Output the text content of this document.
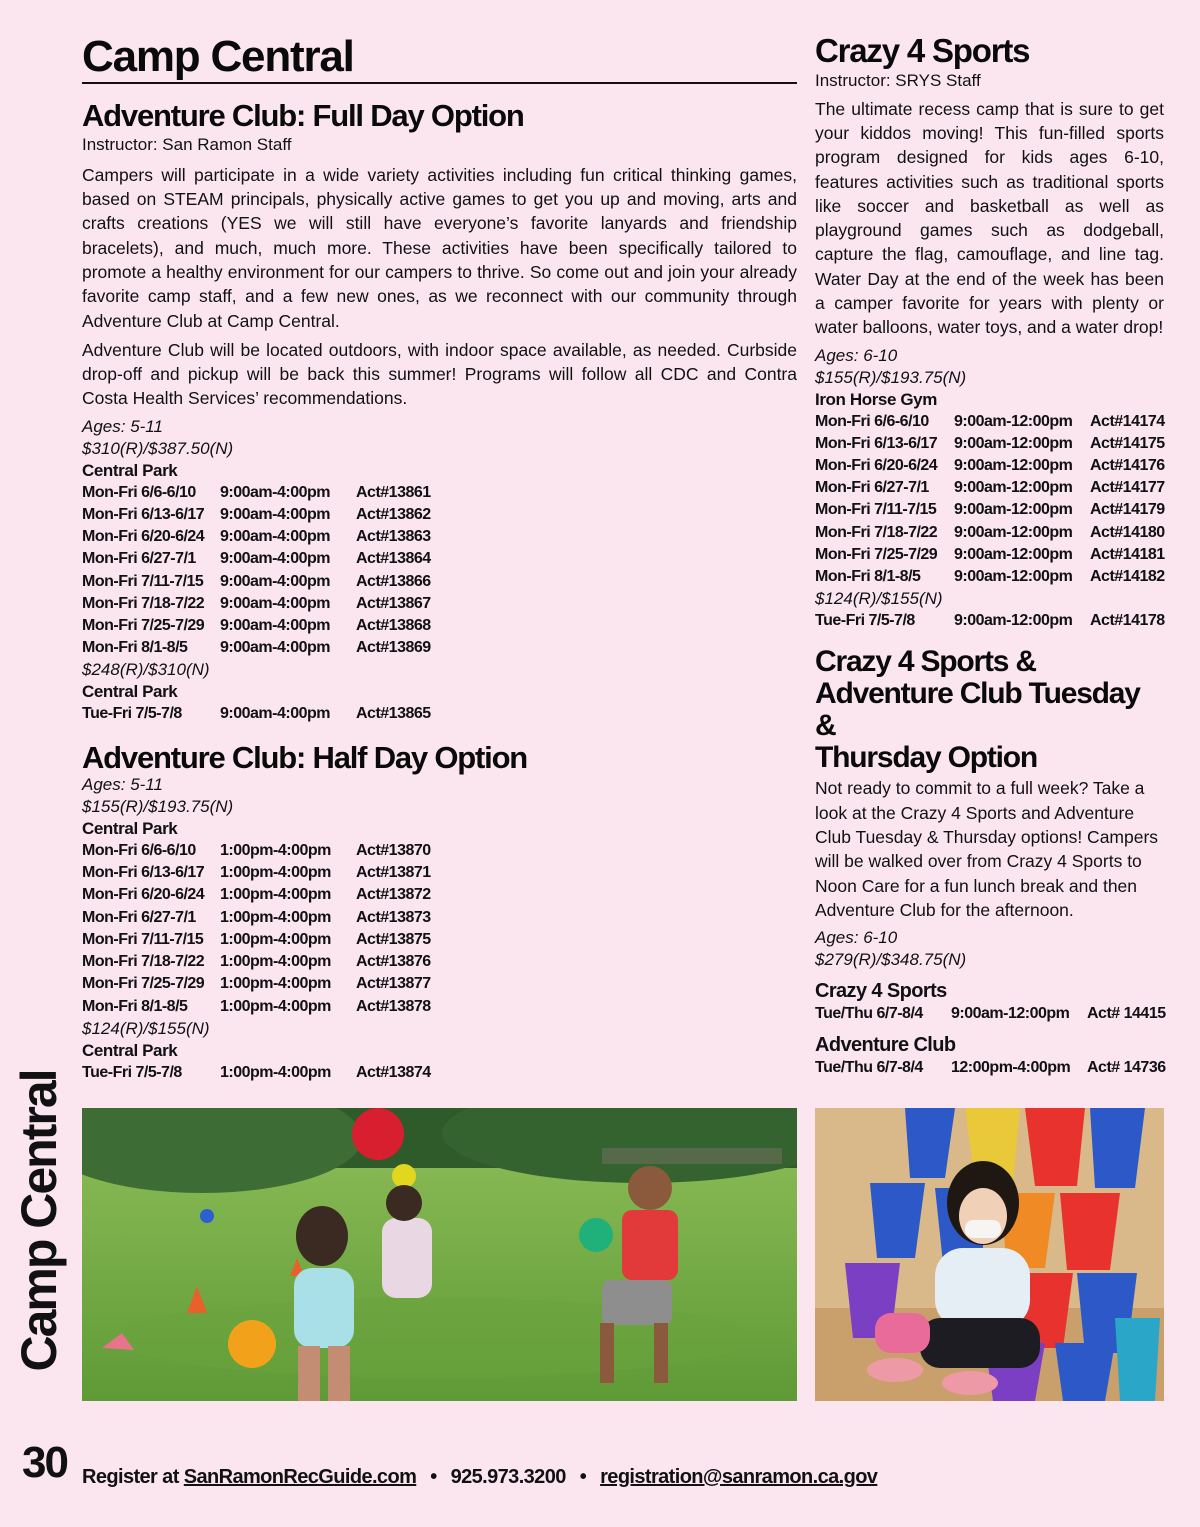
Camp Central
Camp Central
Adventure Club: Full Day Option
Instructor: San Ramon Staff

Campers will participate in a wide variety activities including fun critical thinking games, based on STEAM principals, physically active games to get you up and moving, arts and crafts creations (YES we will still have everyone’s favorite lanyards and friendship bracelets), and much, much more. These activities have been specifically tailored to promote a healthy environment for our campers to thrive. So come out and join your already favorite camp staff, and a few new ones, as we reconnect with our community through Adventure Club at Camp Central.

Adventure Club will be located outdoors, with indoor space available, as needed. Curbside drop-off and pickup will be back this summer! Programs will follow all CDC and Contra Costa Health Services’ recommendations.

Ages: 5-11

$310(R)/$387.50(N)

Central Park

Mon-Fri 6/6-6/10 9:00am-4:00pm Act#13861
Mon-Fri 6/13-6/17 9:00am-4:00pm Act#13862
Mon-Fri 6/20-6/24 9:00am-4:00pm Act#13863
Mon-Fri 6/27-7/1 9:00am-4:00pm Act#13864
Mon-Fri 7/11-7/15 9:00am-4:00pm Act#13866
Mon-Fri 7/18-7/22 9:00am-4:00pm Act#13867
Mon-Fri 7/25-7/29 9:00am-4:00pm Act#13868
Mon-Fri 8/1-8/5 9:00am-4:00pm Act#13869

$248(R)/$310(N)

Central Park

Tue-Fri 7/5-7/8 9:00am-4:00pm Act#13865
Adventure Club: Half Day Option

Ages: 5-11

$155(R)/$193.75(N)

Central Park

Mon-Fri 6/6-6/10 1:00pm-4:00pm Act#13870
Mon-Fri 6/13-6/17 1:00pm-4:00pm Act#13871
Mon-Fri 6/20-6/24 1:00pm-4:00pm Act#13872
Mon-Fri 6/27-7/1 1:00pm-4:00pm Act#13873
Mon-Fri 7/11-7/15 1:00pm-4:00pm Act#13875
Mon-Fri 7/18-7/22 1:00pm-4:00pm Act#13876
Mon-Fri 7/25-7/29 1:00pm-4:00pm Act#13877
Mon-Fri 8/1-8/5 1:00pm-4:00pm Act#13878

$124(R)/$155(N)

Central Park

Tue-Fri 7/5-7/8 1:00pm-4:00pm Act#13874
Crazy 4 Sports
Instructor: SRYS Staff

The ultimate recess camp that is sure to get your kiddos moving! This fun-filled sports program designed for kids ages 6-10, features activities such as traditional sports like soccer and basketball as well as playground games such as dodgeball, capture the flag, camouflage, and line tag. Water Day at the end of the week has been a camper favorite for years with plenty or water balloons, water toys, and a water drop!

Ages: 6-10

$155(R)/$193.75(N)

Iron Horse Gym

Mon-Fri 6/6-6/10 9:00am-12:00pm Act#14174
Mon-Fri 6/13-6/17 9:00am-12:00pm Act#14175
Mon-Fri 6/20-6/24 9:00am-12:00pm Act#14176
Mon-Fri 6/27-7/1 9:00am-12:00pm Act#14177
Mon-Fri 7/11-7/15 9:00am-12:00pm Act#14179
Mon-Fri 7/18-7/22 9:00am-12:00pm Act#14180
Mon-Fri 7/25-7/29 9:00am-12:00pm Act#14181
Mon-Fri 8/1-8/5 9:00am-12:00pm Act#14182

$124(R)/$155(N)

Tue-Fri 7/5-7/8 9:00am-12:00pm Act#14178
Crazy 4 Sports &
Adventure Club Tuesday &
Thursday Option

Not ready to commit to a full week? Take a look at the Crazy 4 Sports and Adventure Club Tuesday & Thursday options! Campers will be walked over from Crazy 4 Sports to Noon Care for a fun lunch break and then Adventure Club for the afternoon.

Ages: 6-10

$279(R)/$348.75(N)

Crazy 4 Sports

Tue/Thu 6/7-8/4 9:00am-12:00pm Act# 14415

Adventure Club

Tue/Thu 6/7-8/4 12:00pm-4:00pm Act# 14736
30 Register at SanRamonRecGuide.com • 925.973.3200 • registration@sanramon.ca.gov
